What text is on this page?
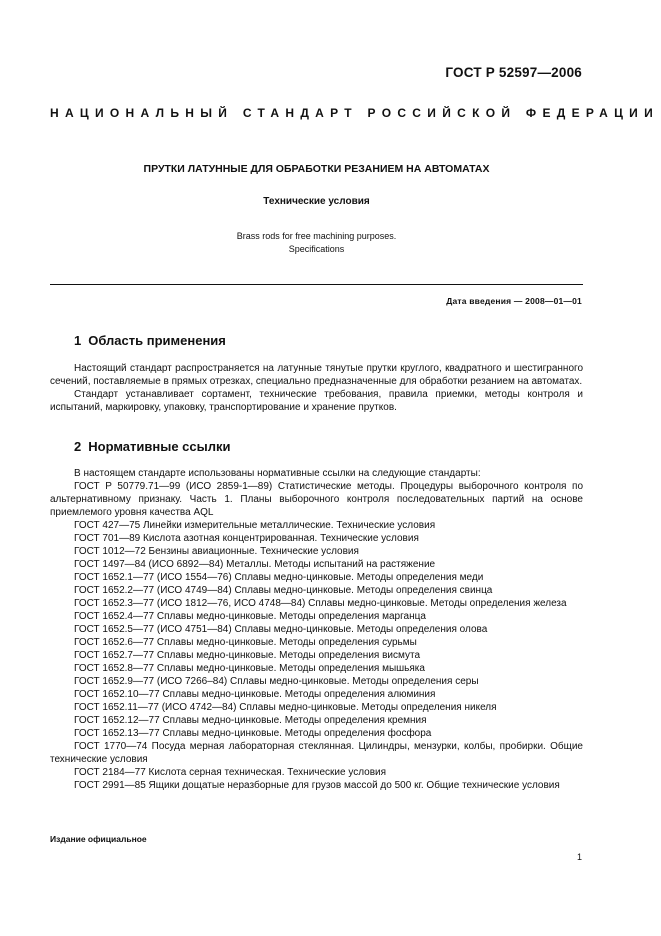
ГОСТ Р 52597—2006
НАЦИОНАЛЬНЫЙ СТАНДАРТ РОССИЙСКОЙ ФЕДЕРАЦИИ
ПРУТКИ ЛАТУННЫЕ ДЛЯ ОБРАБОТКИ РЕЗАНИЕМ НА АВТОМАТАХ
Технические условия
Brass rods for free machining purposes.
Specifications
Дата введения — 2008—01—01
1 Область применения

Настоящий стандарт распространяется на латунные тянутые прутки круглого, квадратного и шестигранного сечений, поставляемые в прямых отрезках, специально предназначенные для обработки резанием на автоматах.

Стандарт устанавливает сортамент, технические требования, правила приемки, методы контроля и испытаний, маркировку, упаковку, транспортирование и хранение прутков.

2 Нормативные ссылки

В настоящем стандарте использованы нормативные ссылки на следующие стандарты:

ГОСТ Р 50779.71—99 (ИСО 2859-1—89) Статистические методы. Процедуры выборочного контроля по альтернативному признаку. Часть 1. Планы выборочного контроля последовательных партий на основе приемлемого уровня качества AQL

ГОСТ 427—75 Линейки измерительные металлические. Технические условия

ГОСТ 701—89 Кислота азотная концентрированная. Технические условия

ГОСТ 1012—72 Бензины авиационные. Технические условия

ГОСТ 1497—84 (ИСО 6892—84) Металлы. Методы испытаний на растяжение

ГОСТ 1652.1—77 (ИСО 1554—76) Сплавы медно-цинковые. Методы определения меди

ГОСТ 1652.2—77 (ИСО 4749—84) Сплавы медно-цинковые. Методы определения свинца

ГОСТ 1652.3—77 (ИСО 1812—76, ИСО 4748—84) Сплавы медно-цинковые. Методы определения железа

ГОСТ 1652.4—77 Сплавы медно-цинковые. Методы определения марганца

ГОСТ 1652.5—77 (ИСО 4751—84) Сплавы медно-цинковые. Методы определения олова

ГОСТ 1652.6—77 Сплавы медно-цинковые. Методы определения сурьмы

ГОСТ 1652.7—77 Сплавы медно-цинковые. Методы определения висмута

ГОСТ 1652.8—77 Сплавы медно-цинковые. Методы определения мышьяка

ГОСТ 1652.9—77 (ИСО 7266–84) Сплавы медно-цинковые. Методы определения серы

ГОСТ 1652.10—77 Сплавы медно-цинковые. Методы определения алюминия

ГОСТ 1652.11—77 (ИСО 4742—84) Сплавы медно-цинковые. Методы определения никеля

ГОСТ 1652.12—77 Сплавы медно-цинковые. Методы определения кремния

ГОСТ 1652.13—77 Сплавы медно-цинковые. Методы определения фосфора

ГОСТ 1770—74 Посуда мерная лабораторная стеклянная. Цилиндры, мензурки, колбы, пробирки. Общие технические условия

ГОСТ 2184—77 Кислота серная техническая. Технические условия

ГОСТ 2991—85 Ящики дощатые неразборные для грузов массой до 500 кг. Общие технические условия

Издание официальное
1
